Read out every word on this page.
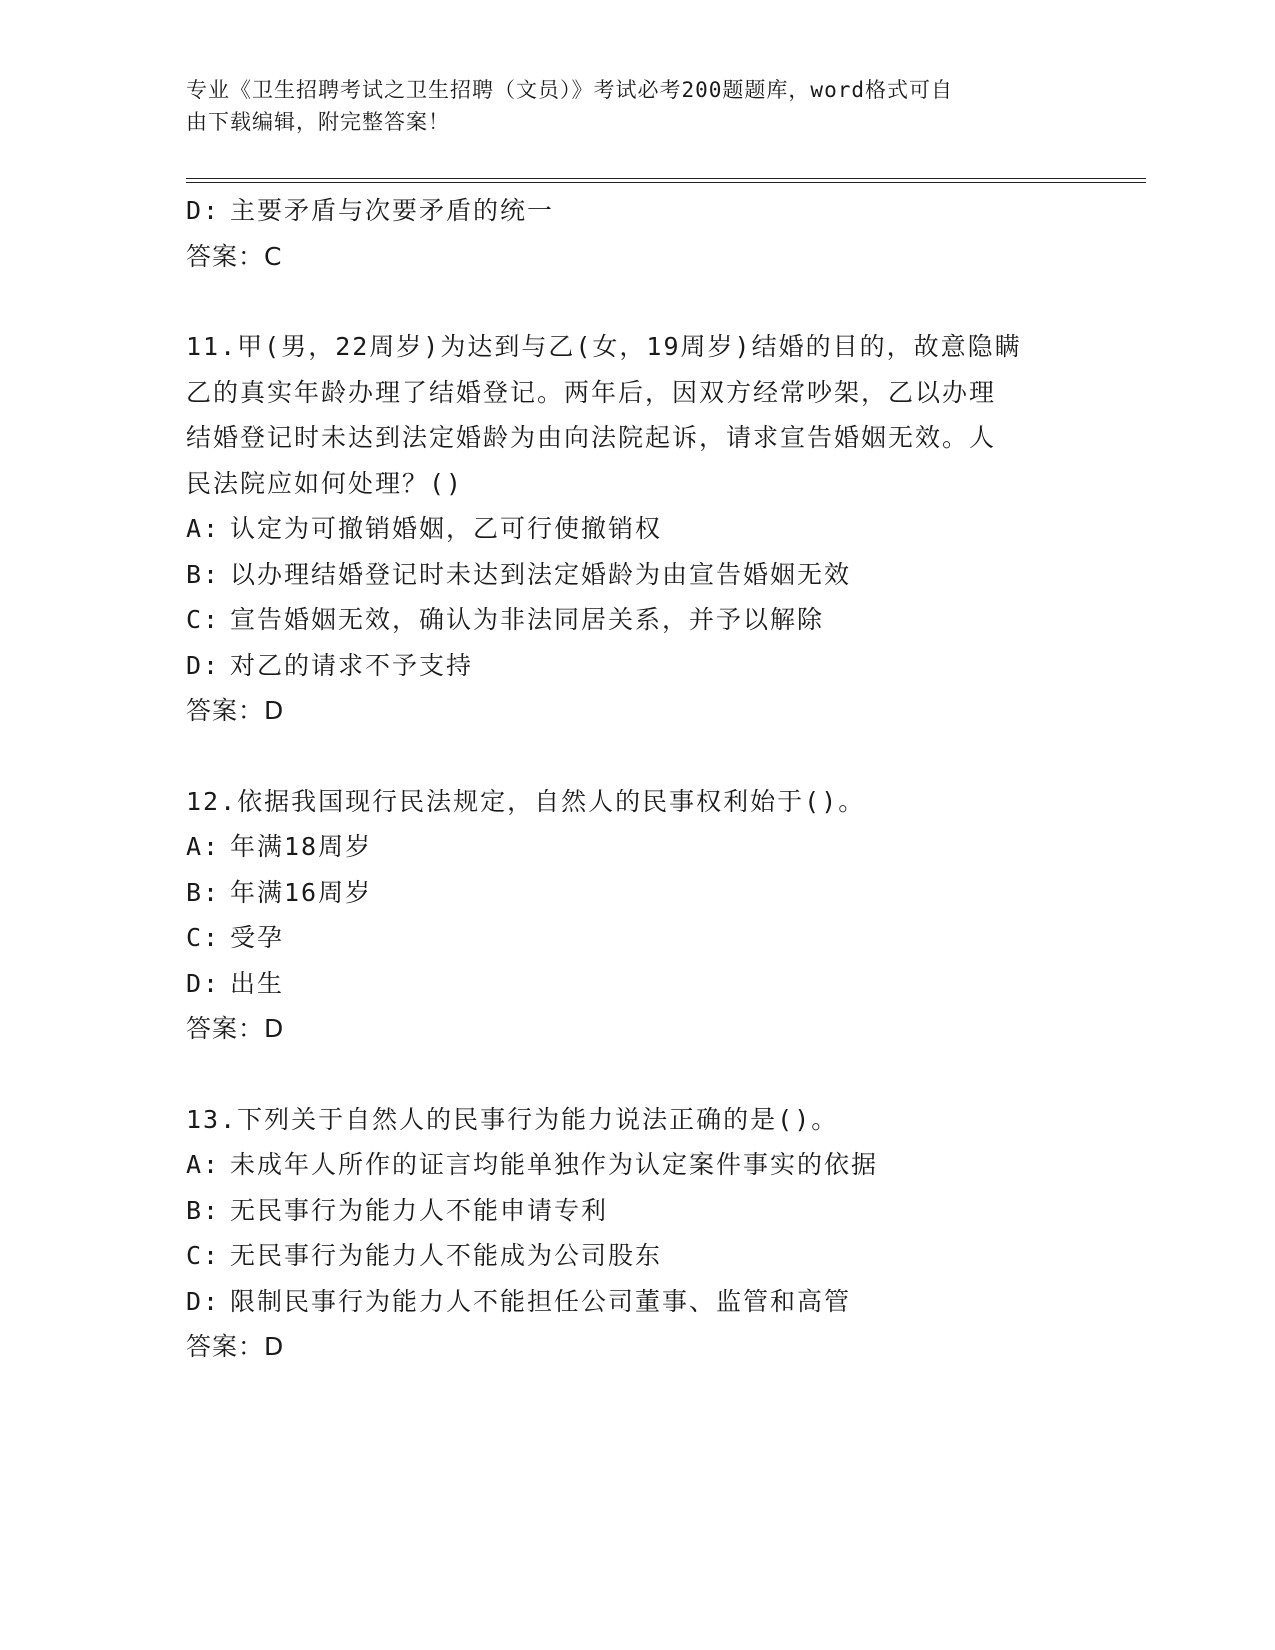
专业《卫生招聘考试之卫生招聘（文员）》考试必考200题题库，word格式可自
由下载编辑，附完整答案！
D: 主要矛盾与次要矛盾的统一
答案：C
11.甲(男，22周岁)为达到与乙(女，19周岁)结婚的目的，故意隐瞒
乙的真实年龄办理了结婚登记。两年后，因双方经常吵架，乙以办理
结婚登记时未达到法定婚龄为由向法院起诉，请求宣告婚姻无效。人
民法院应如何处理？()
A: 认定为可撤销婚姻，乙可行使撤销权
B: 以办理结婚登记时未达到法定婚龄为由宣告婚姻无效
C: 宣告婚姻无效，确认为非法同居关系，并予以解除
D: 对乙的请求不予支持
答案：D
12.依据我国现行民法规定，自然人的民事权利始于()。
A: 年满18周岁
B: 年满16周岁
C: 受孕
D: 出生
答案：D
13.下列关于自然人的民事行为能力说法正确的是()。
A: 未成年人所作的证言均能单独作为认定案件事实的依据
B: 无民事行为能力人不能申请专利
C: 无民事行为能力人不能成为公司股东
D: 限制民事行为能力人不能担任公司董事、监管和高管
答案：D
